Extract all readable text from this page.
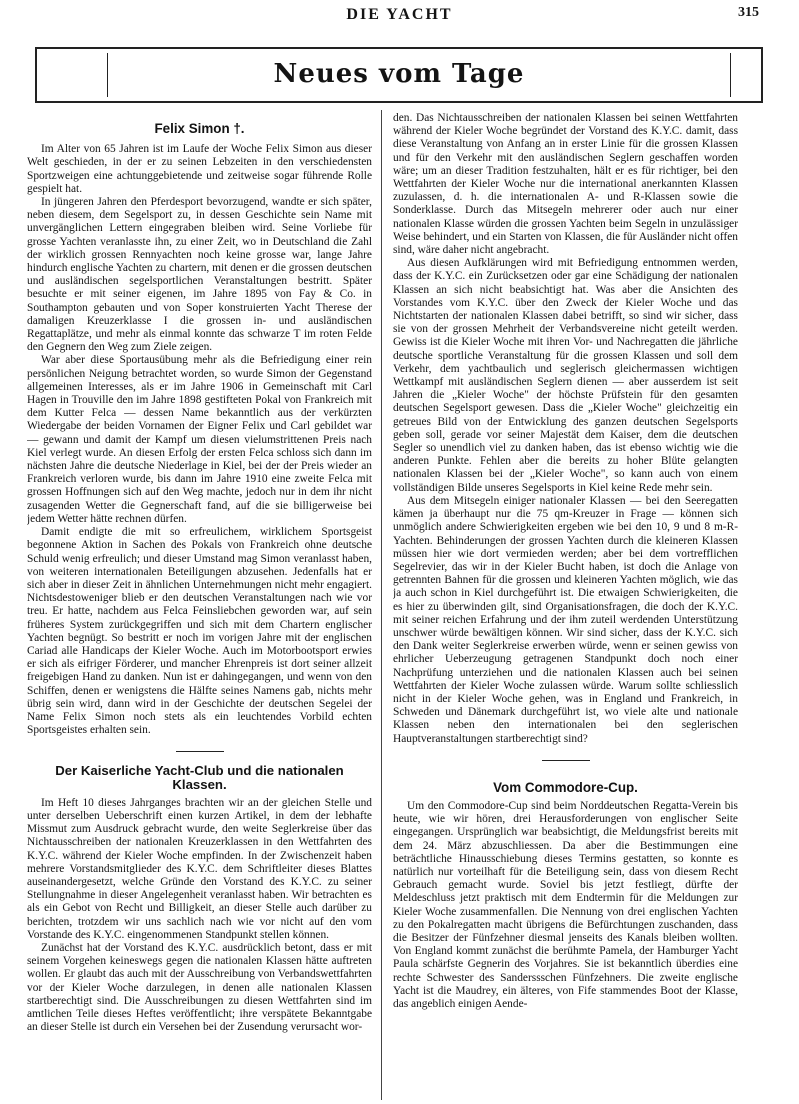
DIE YACHT	315
Neues vom Tage
Felix Simon †.

Im Alter von 65 Jahren ist im Laufe der Woche Felix Simon aus dieser Welt geschieden, in der er zu seinen Lebzeiten in den verschiedensten Sportzweigen eine achtunggebietende und zeitweise sogar führende Rolle gespielt hat.

In jüngeren Jahren den Pferdesport bevorzugend, wandte er sich später, neben diesem, dem Segelsport zu, in dessen Geschichte sein Name mit unvergänglichen Lettern eingegraben bleiben wird. Seine Vorliebe für grosse Yachten veranlasste ihn, zu einer Zeit, wo in Deutschland die Zahl der wirklich grossen Rennyachten noch keine grosse war, lange Jahre hindurch englische Yachten zu chartern, mit denen er die grossen deutschen und ausländischen segelsportlichen Veranstaltungen bestritt. Später besuchte er mit seiner eigenen, im Jahre 1895 von Fay & Co. in Southampton gebauten und von Soper konstruierten Yacht Therese der damaligen Kreuzerklasse I die grossen in- und ausländischen Regattaplätze, und mehr als einmal konnte das schwarze T im roten Felde den Gegnern den Weg zum Ziele zeigen.

War aber diese Sportausübung mehr als die Befriedigung einer rein persönlichen Neigung betrachtet worden, so wurde Simon der Gegenstand allgemeinen Interesses, als er im Jahre 1906 in Gemeinschaft mit Carl Hagen in Trouville den im Jahre 1898 gestifteten Pokal von Frankreich mit dem Kutter Felca — dessen Name bekanntlich aus der verkürzten Wiedergabe der beiden Vornamen der Eigner Felix und Carl gebildet war — gewann und damit der Kampf um diesen vielumstrittenen Preis nach Kiel verlegt wurde. An diesen Erfolg der ersten Felca schloss sich dann im nächsten Jahre die deutsche Niederlage in Kiel, bei der der Preis wieder an Frankreich verloren wurde, bis dann im Jahre 1910 eine zweite Felca mit grossen Hoffnungen sich auf den Weg machte, jedoch nur in dem ihr nicht zusagenden Wetter die Gegnerschaft fand, auf die sie billigerweise bei jedem Wetter hätte rechnen dürfen.

Damit endigte die mit so erfreulichem, wirklichem Sportsgeist begonnene Aktion in Sachen des Pokals von Frankreich ohne deutsche Schuld wenig erfreulich; und dieser Umstand mag Simon veranlasst haben, von weiteren internationalen Beteiligungen abzusehen. Jedenfalls hat er sich aber in dieser Zeit in ähnlichen Unternehmungen nicht mehr engagiert. Nichtsdestoweniger blieb er den deutschen Veranstaltungen nach wie vor treu. Er hatte, nachdem aus Felca Feinsliebchen geworden war, auf sein früheres System zurückgegriffen und sich mit dem Chartern englischer Yachten begnügt. So bestritt er noch im vorigen Jahre mit der englischen Cariad alle Handicaps der Kieler Woche. Auch im Motorbootsport erwies er sich als eifriger Förderer, und mancher Ehrenpreis ist dort seiner allzeit freigebigen Hand zu danken. Nun ist er dahingegangen, und wenn von den Schiffen, denen er wenigstens die Hälfte seines Namens gab, nichts mehr übrig sein wird, dann wird in der Geschichte der deutschen Segelei der Name Felix Simon noch stets als ein leuchtendes Vorbild echten Sportsgeistes erhalten sein.

Der Kaiserliche Yacht-Club und die nationalen Klassen.

Im Heft 10 dieses Jahrganges brachten wir an der gleichen Stelle und unter derselben Ueberschrift einen kurzen Artikel, in dem der lebhafte Missmut zum Ausdruck gebracht wurde, den weite Seglerkreise über das Nichtausschreiben der nationalen Kreuzerklassen in den Wettfahrten des K.Y.C. während der Kieler Woche empfinden. In der Zwischenzeit haben mehrere Vorstandsmitglieder des K.Y.C. dem Schriftleiter dieses Blattes auseinandergesetzt, welche Gründe den Vorstand des K.Y.C. zu seiner Stellungnahme in dieser Angelegenheit veranlasst haben. Wir betrachten es als ein Gebot von Recht und Billigkeit, an dieser Stelle auch darüber zu berichten, trotzdem wir uns sachlich nach wie vor nicht auf den vom Vorstande des K.Y.C. eingenommenen Standpunkt stellen können.

Zunächst hat der Vorstand des K.Y.C. ausdrücklich betont, dass er mit seinem Vorgehen keineswegs gegen die nationalen Klassen hätte auftreten wollen. Er glaubt das auch mit der Ausschreibung von Verbandswettfahrten vor der Kieler Woche darzulegen, in denen alle nationalen Klassen startberechtigt sind. Die Ausschreibungen zu diesen Wettfahrten sind im amtlichen Teile dieses Heftes veröffentlicht; ihre verspätete Bekanntgabe an dieser Stelle ist durch ein Versehen bei der Zusendung verursacht wor-

den. Das Nichtausschreiben der nationalen Klassen bei seinen Wettfahrten während der Kieler Woche begründet der Vorstand des K.Y.C. damit, dass diese Veranstaltung von Anfang an in erster Linie für die grossen Klassen und für den Verkehr mit den ausländischen Seglern geschaffen worden wäre; um an dieser Tradition festzuhalten, hält er es für richtiger, bei den Wettfahrten der Kieler Woche nur die international anerkannten Klassen zuzulassen, d. h. die internationalen A- und R-Klassen sowie die Sonderklasse. Durch das Mitsegeln mehrerer oder auch nur einer nationalen Klasse würden die grossen Yachten beim Segeln in unzulässiger Weise behindert, und ein Starten von Klassen, die für Ausländer nicht offen sind, wäre daher nicht angebracht.

Aus diesen Aufklärungen wird mit Befriedigung entnommen werden, dass der K.Y.C. ein Zurücksetzen oder gar eine Schädigung der nationalen Klassen an sich nicht beabsichtigt hat. Was aber die Ansichten des Vorstandes vom K.Y.C. über den Zweck der Kieler Woche und das Nichtstarten der nationalen Klassen dabei betrifft, so sind wir sicher, dass sie von der grossen Mehrheit der Verbandsvereine nicht geteilt werden. Gewiss ist die Kieler Woche mit ihren Vor- und Nachregatten die jährliche deutsche sportliche Veranstaltung für die grossen Klassen und soll dem Verkehr, dem yachtbaulich und seglerisch gleichermassen wichtigen Wettkampf mit ausländischen Seglern dienen — aber ausserdem ist seit Jahren die „Kieler Woche" der höchste Prüfstein für den gesamten deutschen Segelsport gewesen. Dass die „Kieler Woche" gleichzeitig ein getreues Bild von der Entwicklung des ganzen deutschen Segelsports geben soll, gerade vor seiner Majestät dem Kaiser, dem die deutschen Segler so unendlich viel zu danken haben, das ist ebenso wichtig wie die anderen Punkte. Fehlen aber die bereits zu hoher Blüte gelangten nationalen Klassen bei der „Kieler Woche", so kann auch von einem vollständigen Bilde unseres Segelsports in Kiel keine Rede mehr sein.

Aus dem Mitsegeln einiger nationaler Klassen — bei den Seeregatten kämen ja überhaupt nur die 75 qm-Kreuzer in Frage — können sich unmöglich andere Schwierigkeiten ergeben wie bei den 10, 9 und 8 m-R-Yachten. Behinderungen der grossen Yachten durch die kleineren Klassen müssen hier wie dort vermieden werden; aber bei dem vortrefflichen Segelrevier, das wir in der Kieler Bucht haben, ist doch die Anlage von getrennten Bahnen für die grossen und kleineren Yachten möglich, wie das ja auch schon in Kiel durchgeführt ist. Die etwaigen Schwierigkeiten, die es hier zu überwinden gilt, sind Organisationsfragen, die doch der K.Y.C. mit seiner reichen Erfahrung und der ihm zuteil werdenden Unterstützung unschwer würde bewältigen können. Wir sind sicher, dass der K.Y.C. sich den Dank weiter Seglerkreise erwerben würde, wenn er seinen gewiss von ehrlicher Ueberzeugung getragenen Standpunkt doch noch einer Nachprüfung unterziehen und die nationalen Klassen auch bei seinen Wettfahrten der Kieler Woche zulassen würde. Warum sollte schliesslich nicht in der Kieler Woche gehen, was in England und Frankreich, in Schweden und Dänemark durchgeführt ist, wo viele alte und nationale Klassen neben den internationalen bei den seglerischen Hauptveranstaltungen startberechtigt sind?

Vom Commodore-Cup.

Um den Commodore-Cup sind beim Norddeutschen Regatta-Verein bis heute, wie wir hören, drei Herausforderungen von englischer Seite eingegangen. Ursprünglich war beabsichtigt, die Meldungsfrist bereits mit dem 24. März abzuschliessen. Da aber die Bestimmungen eine beträchtliche Hinausschiebung dieses Termins gestatten, so konnte es natürlich nur vorteilhaft für die Beteiligung sein, dass von diesem Recht Gebrauch gemacht wurde. Soviel bis jetzt festliegt, dürfte der Meldeschluss jetzt praktisch mit dem Endtermin für die Meldungen zur Kieler Woche zusammenfallen. Die Nennung von drei englischen Yachten zu den Pokalregatten macht übrigens die Befürchtungen zuschanden, dass die Besitzer der Fünfzehner diesmal jenseits des Kanals bleiben wollten. Von England kommt zunächst die berühmte Pamela, der Hamburger Yacht Paula schärfste Gegnerin des Vorjahres. Sie ist bekanntlich überdies eine rechte Schwester des Sanderssschen Fünfzehners. Die zweite englische Yacht ist die Maudrey, ein älteres, von Fife stammendes Boot der Klasse, das angeblich einigen Aende-
